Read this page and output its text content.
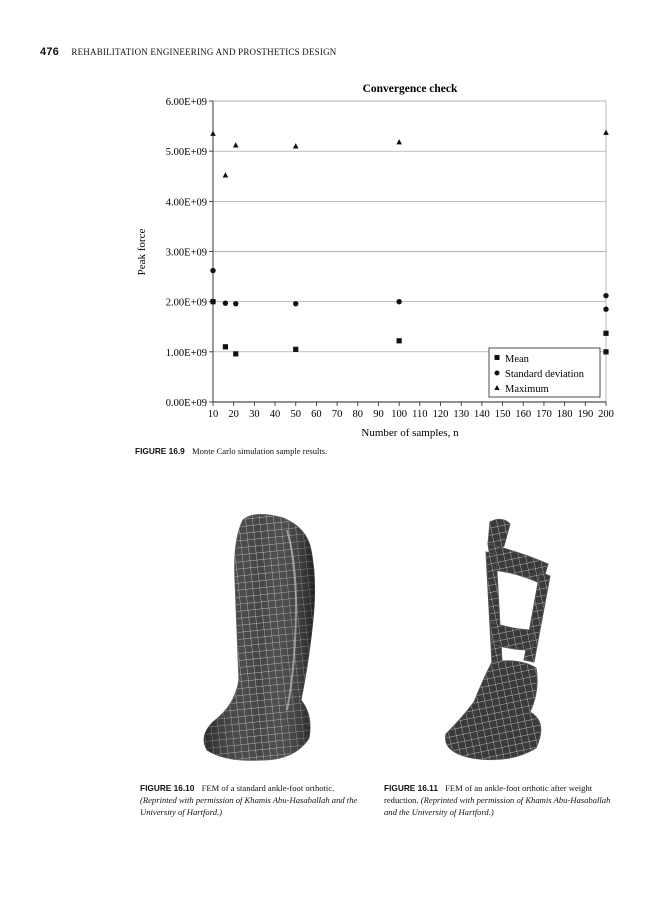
476 REHABILITATION ENGINEERING AND PROSTHETICS DESIGN
Convergence check
0.00E+09
1.00E+09
2.00E+09
3.00E+09
4.00E+09
5.00E+09
6.00E+09
10 20 30 40 50 60 70 80 90 100 110 120 130 140 150 160 170 180 190 200
Peak force
Number of samples, n
Mean
Standard deviation
Maximum
FIGURE 16.9 Monte Carlo simulation sample results.
FIGURE 16.10 FEM of a standard ankle-foot orthotic. (Reprinted with permission of Khamis Abu-Hasaballah and the University of Hartford.)
FIGURE 16.11 FEM of an ankle-foot orthotic after weight reduction. (Reprinted with permission of Khamis Abu-Hasaballah and the University of Hartford.)
